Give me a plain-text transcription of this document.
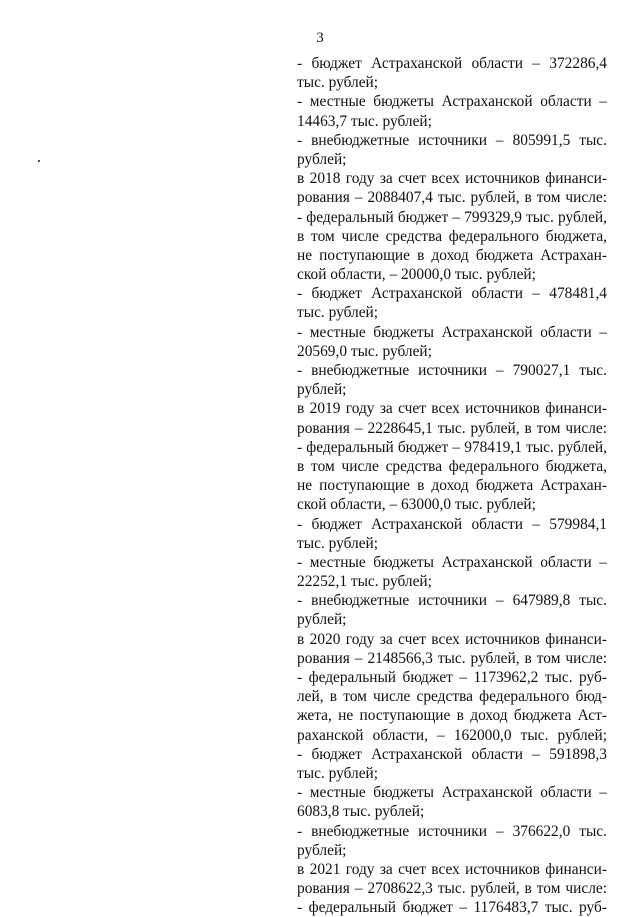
3
- бюджет Астраханской области – 372286,4
тыс. рублей;
- местные бюджеты Астраханской области –
14463,7 тыс. рублей;
- внебюджетные источники – 805991,5 тыс.
рублей;
в 2018 году за счет всех источников финанси-
рования – 2088407,4 тыс. рублей, в том числе:
- федеральный бюджет – 799329,9 тыс. рублей,
в том числе средства федерального бюджета,
не поступающие в доход бюджета Астрахан-
ской области, – 20000,0 тыс. рублей;
- бюджет Астраханской области – 478481,4
тыс. рублей;
- местные бюджеты Астраханской области –
20569,0 тыс. рублей;
- внебюджетные источники – 790027,1 тыс.
рублей;
в 2019 году за счет всех источников финанси-
рования – 2228645,1 тыс. рублей, в том числе:
- федеральный бюджет – 978419,1 тыс. рублей,
в том числе средства федерального бюджета,
не поступающие в доход бюджета Астрахан-
ской области, – 63000,0 тыс. рублей;
- бюджет Астраханской области – 579984,1
тыс. рублей;
- местные бюджеты Астраханской области –
22252,1 тыс. рублей;
- внебюджетные источники – 647989,8 тыс.
рублей;
в 2020 году за счет всех источников финанси-
рования – 2148566,3 тыс. рублей, в том числе:
- федеральный бюджет – 1173962,2 тыс. руб-
лей, в том числе средства федерального бюд-
жета, не поступающие в доход бюджета Аст-
раханской области, – 162000,0 тыс. рублей;
- бюджет Астраханской области – 591898,3
тыс. рублей;
- местные бюджеты Астраханской области –
6083,8 тыс. рублей;
- внебюджетные источники – 376622,0 тыс.
рублей;
в 2021 году за счет всех источников финанси-
рования – 2708622,3 тыс. рублей, в том числе:
- федеральный бюджет – 1176483,7 тыс. руб-
